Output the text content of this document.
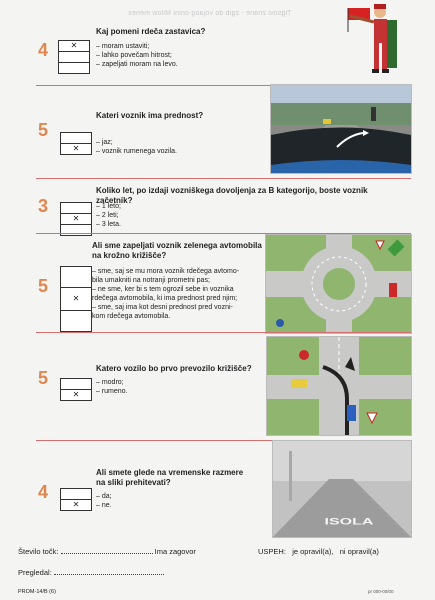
Tigsovi znane - zgib do vojaog onini Milow menex
4	✕
Kaj pomeni rdeča zastavica?
– moram ustaviti;
– lahko povečam hitrost;
– zapeljati moram na levo.
5
✕
Kateri voznik ima prednost?
– jaz;
– voznik rumenega vozila.
3
✕
Koliko let, po izdaji vozniškega dovoljenja za B kategorijo, boste voznik začetnik?
– 1 leto;
– 2 leti;
– 3 leta.
5
✕
Ali sme zapeljati voznik zelenega avtomobila na krožno križišče?
– sme, saj se mu mora voznik rdečega avtomo-
bila umakniti na notranji prometni pas;
– ne sme, ker bi s tem ogrozil sebe in voznika
rdečega avtomobila, ki ima prednost pred njim;
– sme, saj ima kot desni prednost pred vozni-
kom rdečega avtomobila.
5
✕
Katero vozilo bo prvo prevozilo križišče?
– modro;
– rumeno.
4
✕
Ali smete glede na vremenske razmere na sliki prehitevati?
– da;
– ne.
ISOLA
Število točk:	Ima zagovor	USPEH: je opravil(a), ni opravil(a)
Pregledal:
PROM-14/B (6)	pr 000-00/00
